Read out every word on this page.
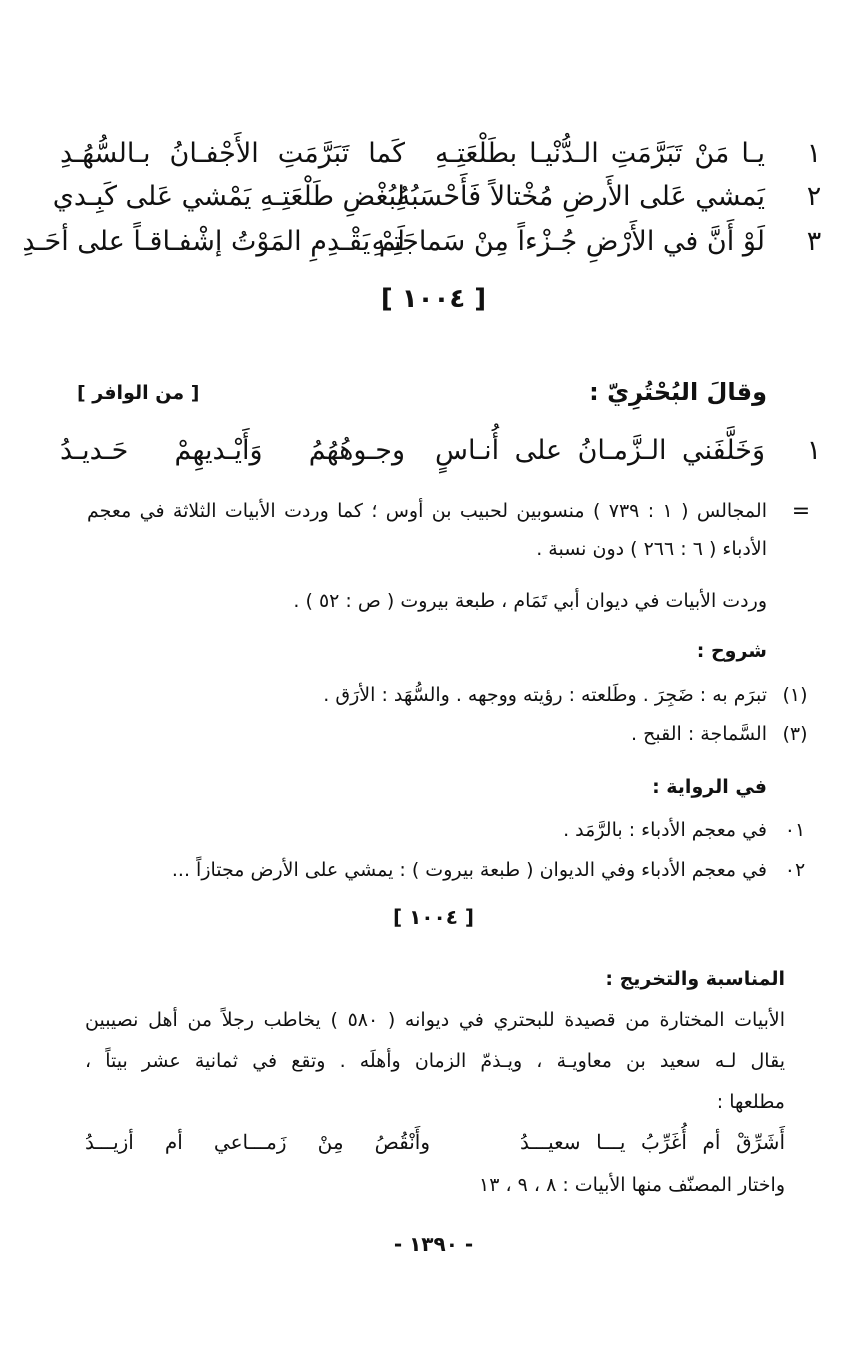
١
يـا مَنْ تَبَرَّمَتِ الـدُّنْيـا بطَلْعَتِـهِ
كَما تَبَرَّمَتِ الأَجْفـانُ بـالسُّهُـدِ
٢
يَمشي عَلى الأَرضِ مُخْتالاً فَأَحْسَبُهُ
لِبُغْضِ طَلْعَتِـهِ يَمْشي عَلى كَبِـدي
٣
لَوْ أَنَّ في الأَرْضِ جُـزْءاً مِنْ سَماجَتِـهِ
لَمْ يَقْـدِمِ المَوْتُ إشْفـاقـاً على أحَـدِ
[ ١٠٠٤ ]
وقالَ البُحْتُرِيّ :
[ من الوافر ]
١
وَخَلَّفَني الـزَّمـانُ على أُنـاسٍ
وجـوهُهُمُ وَأَيْـديهِمْ حَـديـدُ
=
المجالس ( ١ : ٧٣٩ ) منسوبين لحبيب بن أوس ؛ كما وردت الأبيات الثلاثة في معجم
الأدباء ( ٦ : ٢٦٦ ) دون نسبة .
وردت الأبيات في ديوان أبي تَمَام ، طبعة بيروت ( ص : ٥٢ ) .
شروح :
(١)
تبرَم به : ضَجِرَ . وطَلعته : رؤيته ووجهه . والسُّهَد : الأرَق .
(٣)
السَّماجة : القبح .
في الرواية :
٠١
في معجم الأدباء : بالرَّمَد .
٠٢
في معجم الأدباء وفي الديوان ( طبعة بيروت ) : يمشي على الأرض مجتازاً ...
[ ١٠٠٤ ]
المناسبة والتخريج :
الأبيات المختارة من قصيدة للبحتري في ديوانه ( ٥٨٠ ) يخاطب رجلاً من أهل نصيبين
يقال لـه سعيد بن معاويـة ، ويـذمّ الزمان وأهلَه . وتقع في ثمانية عشر بيتاً ،
مطلعها :
أَشَرِّقْ أم أُغَرِّبُ يـــا سعيـــدُ
وأَنْقُصُ مِنْ زَمـــاعي أم أزيـــدُ
واختار المصنّف منها الأبيات : ٨ ، ٩ ، ١٣
- ١٣٩٠ -
